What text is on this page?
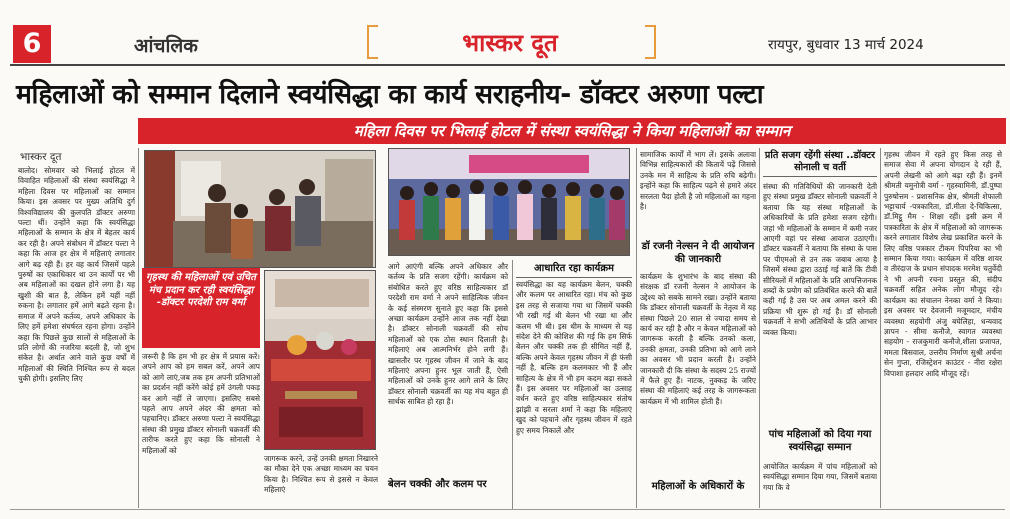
6	आंचलिक	भास्कर दूत	रायपुर, बुधवार 13 मार्च 2024
महिलाओं को सम्मान दिलाने स्वयंसिद्धा का कार्य सराहनीय- डॉक्टर अरुणा पल्टा
महिला दिवस पर भिलाई होटल में संस्था स्वयंसिद्धा ने किया महिलाओं का सम्मान
भास्कर दूत
बालोद। सोमवार को भिलाई होटल में विवाहित महिलाओं की संस्था स्वयंसिद्धा ने महिला दिवस पर महिलाओं का सम्मान किया। इस अवसर पर मुख्य अतिथि दुर्ग विश्वविद्यालय की कुलपति डॉक्टर अरुणा पल्टा थीं। उन्होंने कहा कि स्वयंसिद्धा महिलाओं के सम्मान के क्षेत्र में बेहतर कार्य कर रही है। अपने संबोधन में डॉक्टर पल्टा ने कहा कि आज हर क्षेत्र में महिलाएं लगातार आगे बढ़ रही हैं। हर वह कार्य जिसमें पहले पुरुषों का एकाधिकार था उन कार्यों पर भी अब महिलाओं का दखल होने लगा है। यह खुशी की बात है, लेकिन हमें यहीं नहीं रुकना है। लगातार हमें आगे बढ़ते रहना है। समाज में अपने कर्तव्य, अपने अधिकार के लिए हमें हमेशा संघर्षरत रहना होगा। उन्होंने कहा कि पिछले कुछ सालों से महिलाओं के प्रति लोगों की नजरिया बदली है, जो शुभ संकेत है। अर्थात आने वाले कुछ वर्षों में महिलाओं की स्थिति निश्चित रूप से बदल चुकी होगी। इसलिए लिए
गृहस्थ की महिलाओं एवं उचित मंच प्रदान कर रही स्वयंसिद्धा -डॉक्टर परदेशी राम वर्मा
जरूरी है कि हम भी हर क्षेत्र में प्रयास करें। अपने आप को हम सबल करें, अपने आप को आगे लाएं,जब तक हम अपनी प्रतिभाओं का प्रदर्शन नहीं करेंगे कोई हमें उंगली पकड़ कर आगे नहीं ले जाएगा। इसलिए सबसे पहले आप अपने अंदर की क्षमता को पहचानिए। डॉक्टर अरुणा पल्टा ने स्वयंसिद्धा संस्था की प्रमुख डॉक्टर सोनाली चक्रवर्ती की तारीफ करते हुए कहा कि सोनाली ने महिलाओं को
जागरूक करने, उन्हें उनकी क्षमता निखारने का मौका देने एक अच्छा माध्यम का चयन किया है। निश्चित रूप से इससे न केवल महिलाएं
आगे आएंगी बल्कि अपने अधिकार और कर्तव्य के प्रति सजग रहेंगी। कार्यक्रम को संबोधित करते हुए वरिष्ठ साहित्यकार डॉ परदेशी राम वर्मा ने अपने साहित्यिक जीवन के कई संस्मरण सुनाते हुए कहा कि इससे अच्छा कार्यक्रम उन्होंने आज तक नहीं देखा है। डॉक्टर सोनाली चक्रवर्ती की सोच महिलाओं को एक ठोस स्थान दिलाती है। महिलाएं अब आत्मनिर्भर होने लगी हैं। खासतौर पर गृहस्थ जीवन में जाने के बाद महिलाएं अपना हुनर भूल जाती हैं, ऐसी महिलाओं को उनके हुनर आगे लाने के लिए डॉक्टर सोनाली चक्रवर्ती का यह मंच बहुत ही सार्थक साबित हो रहा है।
बेलन चक्की और कलम पर
आधारित रहा कार्यक्रम
स्वयंसिद्धा का यह कार्यक्रम बेलन, चक्की और कलम पर आधारित रहा। मंच को कुछ इस तरह से सजाया गया था जिसमें चक्की भी रखी गई थी बेलन भी रखा था और कलम भी थी। इस थीम के माध्यम से यह संदेश देने की कोशिश की गई कि हम सिर्फ बेलन और चक्की तक ही सीमित नहीं हैं, बल्कि अपने केवल गृहस्थ जीवन में ही फंसी नहीं है, बल्कि हम कलमकार भी हैं और साहित्य के क्षेत्र में भी हम कदम बढ़ा सकते हैं। इस अवसर पर महिलाओं का उत्साह वर्धन करते हुए वरिष्ठ साहित्यकार संतोष झांझी व सरला शर्मा ने कहा कि महिलाएं खुद को पहचाने और गृहस्थ जीवन में रहते हुए समय निकालें और
सामाजिक कार्यों में भाग लें। इसके अलावा विभिन्न साहित्यकारों की कितायें पढ़ें जिससे उनके मन में साहित्य के प्रति रुचि बढ़ेगी। इन्होंने कहा कि साहित्य पढ़ने से हमारे अंदर सरलता पैदा होती है जो महिलाओं का गहना है।
डॉ रजनी नेल्सन ने दी आयोजन की जानकारी
कार्यक्रम के शुभारंभ के बाद संस्था की संरक्षक डॉ रजनी नेल्सन ने आयोजन के उद्देश्य को सबके सामने रखा। उन्होंने बताया कि डॉक्टर सोनाली चक्रवर्ती के नेतृत्व में यह संस्था पिछले 20 साल से ज्यादा समय से कार्य कर रही है और न केवल महिलाओं को जागरूक करती है बल्कि उनको कला, उनकी क्षमता, उनकी प्रतिभा को आगे लाने का अवसर भी प्रदान करती है। उन्होंने जानकारी दी कि संस्था के सदस्य 25 राज्यों में फैले हुए हैं। नाटक, नुक्कड़ के जरिए संस्था की महिलाएं कई तरह के जागरूकता कार्यक्रम में भी शामिल होती हैं।
महिलाओं के अधिकारों के
प्रति सजग रहेंगी संस्था ..डॉक्टर सोनाली च वर्ती
संस्था की गतिविधियों की जानकारी देती हुए संस्था प्रमुख डॉक्टर सोनाली चक्रवर्ती ने बताया कि यह संस्था महिलाओं के अधिकारियों के प्रति हमेशा सजग रहेगी। जहां भी महिलाओं के सम्मान में कमी नजर आएगी वहां पर संस्था आवाज उठाएगी। डॉक्टर चक्रवर्ती ने बताया कि संस्था के पास पर पीएमओ से उन तक जबाब आया है जिसमें संस्था द्वारा उठाई गई बातें कि टीवी सीरियलों में महिलाओं के प्रति आपत्तिजनक शब्दों के प्रयोग को प्रतिबंधित करने की बातें कही गई है उस पर अब अमल करने की प्रक्रिया भी शुरू हो गई है। डॉ सोनाली चक्रवर्ती ने सभी अतिथियों के प्रति आभार व्यक्त किया।
पांच महिलाओं को दिया गया स्वयंसिद्धा सम्मान
आयोजित कार्यक्रम में पांच महिलाओं को स्वयंसिद्धा सम्मान दिया गया, जिसमें बताया गया कि वे
गृहस्थ जीवन में रहते हुए किस तरह से समाज सेवा में अपना योगदान दे रही हैं, अपनी लेखनी को आगे बढ़ा रही हैं। इनमें श्रीमती यमुनोत्री वर्मा - गृहस्वामिनी, डॉ.पुष्पा पुरुषोत्तम - प्रशासनिक क्षेत्र, श्रीमती शेफाली भट्टाचार्य -पत्रकारिता, डॉ.मीता दे-चिकित्सा, डॉ.मिट्ठू मैम - शिक्षा रहीं। इसी क्रम में पत्रकारिता के क्षेत्र में महिलाओं को जागरूक करने लगातार विशेष लेख प्रकाशित करने के लिए वरिष्ठ पत्रकार टीकम पिपरिया का भी सम्मान किया गया। कार्यक्रम में वरिष्ठ शायर व तीरंदाज के प्रधान संपादक मरमेश चतुर्वेदी ने भी अपनी रचना प्रस्तुत की, संदीप चक्रवर्ती सहित अनेक लोग मौजूद रहे। कार्यक्रम का संचालन नेनका वर्मा ने किया। इस अवसर पर देवजानी मजूमदार, मंचीय व्यवस्था सहयोगी अंजु बघेलिहा, धन्यवाद ज्ञापन - सीमा कनौजे, स्वागत व्यवस्था सहयोग - राजकुमारी कनौजे,शीला प्रजापत, ममता बिसवाल, उत्तरीय निर्माण सुश्री अर्चना सेन गुप्ता, रजिस्ट्रेशन काउंटर - नीरा रक्षेरा विपाशा हलदार आदि मौजूद रहें।
